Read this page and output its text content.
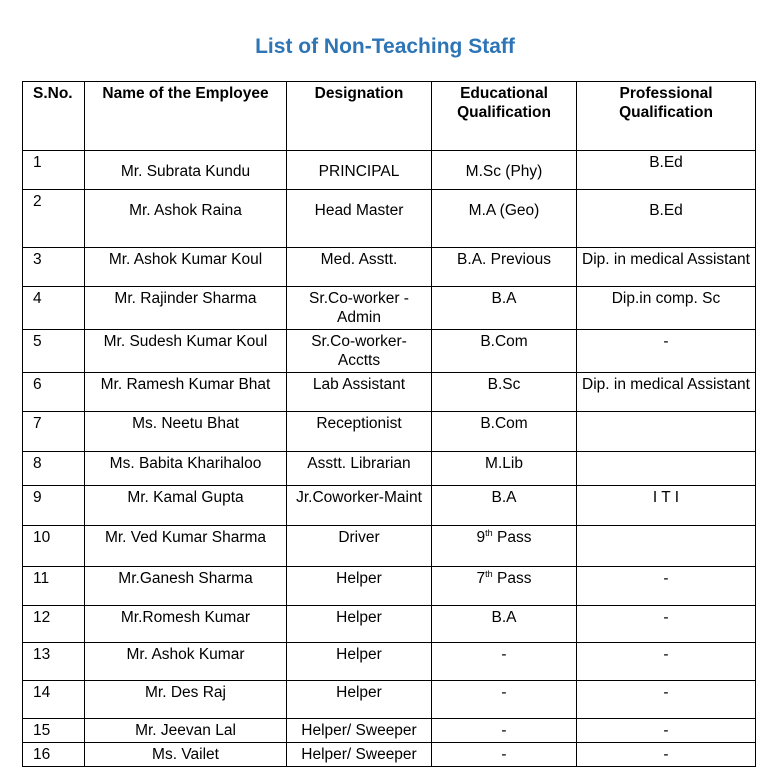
List of Non-Teaching Staff
S.No.	Name of the Employee	Designation	Educational Qualification	Professional Qualification
1	Mr. Subrata Kundu	PRINCIPAL	M.Sc (Phy)	B.Ed
2	Mr. Ashok Raina	Head Master	M.A (Geo)	B.Ed
3	Mr. Ashok Kumar Koul	Med. Asstt.	B.A. Previous	Dip. in medical Assistant
4	Mr. Rajinder Sharma	Sr.Co-worker -Admin	B.A	Dip.in comp. Sc
5	Mr. Sudesh Kumar Koul	Sr.Co-worker-Acctts	B.Com	-
6	Mr. Ramesh Kumar Bhat	Lab Assistant	B.Sc	Dip. in medical Assistant
7	Ms. Neetu Bhat	Receptionist	B.Com	
8	Ms. Babita Kharihaloo	Asstt. Librarian	M.Lib	
9	Mr. Kamal Gupta	Jr.Coworker-Maint	B.A	I T I
10	Mr. Ved Kumar Sharma	Driver	9th Pass	
11	Mr.Ganesh Sharma	Helper	7th Pass	-
12	Mr.Romesh Kumar	Helper	B.A	-
13	Mr. Ashok Kumar	Helper	-	-
14	Mr. Des Raj	Helper	-	-
15	Mr. Jeevan Lal	Helper/ Sweeper	-	-
16	Ms. Vailet	Helper/ Sweeper	-	-
